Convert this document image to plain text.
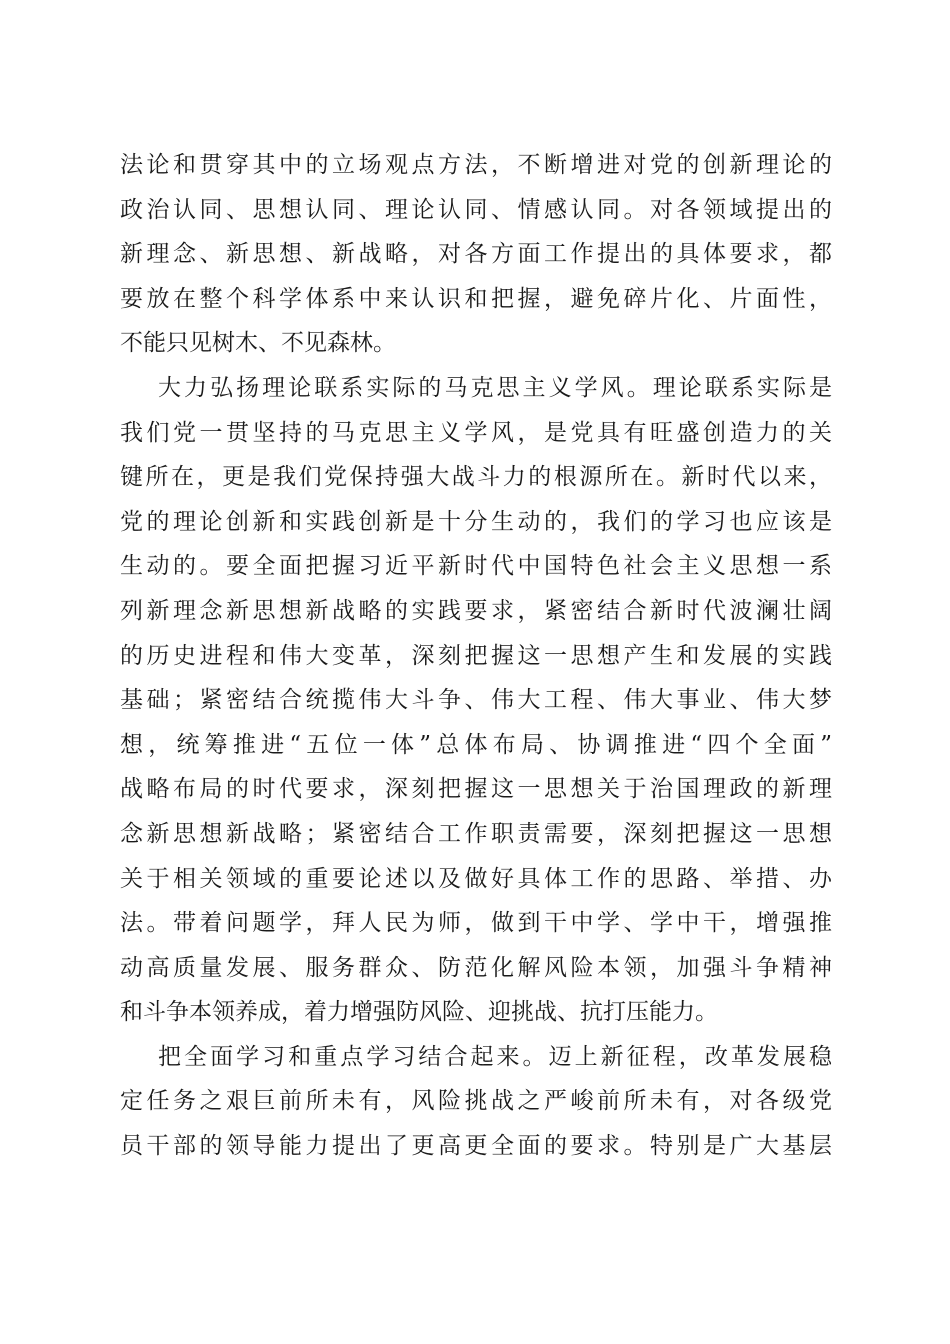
法论和贯穿其中的立场观点方法，不断增进对党的创新理论的
政治认同、思想认同、理论认同、情感认同。对各领域提出的
新理念、新思想、新战略，对各方面工作提出的具体要求，都
要放在整个科学体系中来认识和把握，避免碎片化、片面性，
不能只见树木、不见森林。
大力弘扬理论联系实际的马克思主义学风。理论联系实际是
我们党一贯坚持的马克思主义学风，是党具有旺盛创造力的关
键所在，更是我们党保持强大战斗力的根源所在。新时代以来，
党的理论创新和实践创新是十分生动的，我们的学习也应该是
生动的。要全面把握习近平新时代中国特色社会主义思想一系
列新理念新思想新战略的实践要求，紧密结合新时代波澜壮阔
的历史进程和伟大变革，深刻把握这一思想产生和发展的实践
基础；紧密结合统揽伟大斗争、伟大工程、伟大事业、伟大梦
想，统筹推进“五位一体”总体布局、协调推进“四个全面”
战略布局的时代要求，深刻把握这一思想关于治国理政的新理
念新思想新战略；紧密结合工作职责需要，深刻把握这一思想
关于相关领域的重要论述以及做好具体工作的思路、举措、办
法。带着问题学，拜人民为师，做到干中学、学中干，增强推
动高质量发展、服务群众、防范化解风险本领，加强斗争精神
和斗争本领养成，着力增强防风险、迎挑战、抗打压能力。
把全面学习和重点学习结合起来。迈上新征程，改革发展稳
定任务之艰巨前所未有，风险挑战之严峻前所未有，对各级党
员干部的领导能力提出了更高更全面的要求。特别是广大基层
